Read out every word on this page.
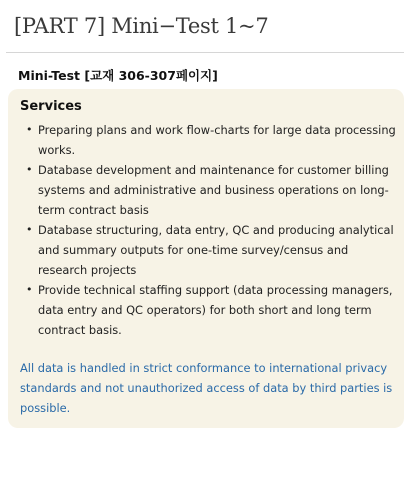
[PART 7] Mini−Test 1~7
Mini-Test [교재 306-307페이지]
Services
• Preparing plans and work flow-charts for large data processing works.
• Database development and maintenance for customer billing systems and administrative and business operations on long-term contract basis
• Database structuring, data entry, QC and producing analytical and summary outputs for one-time survey/census and research projects
• Provide technical staffing support (data processing managers, data entry and QC operators) for both short and long term contract basis.
All data is handled in strict conformance to international privacy standards and not unauthorized access of data by third parties is possible.
